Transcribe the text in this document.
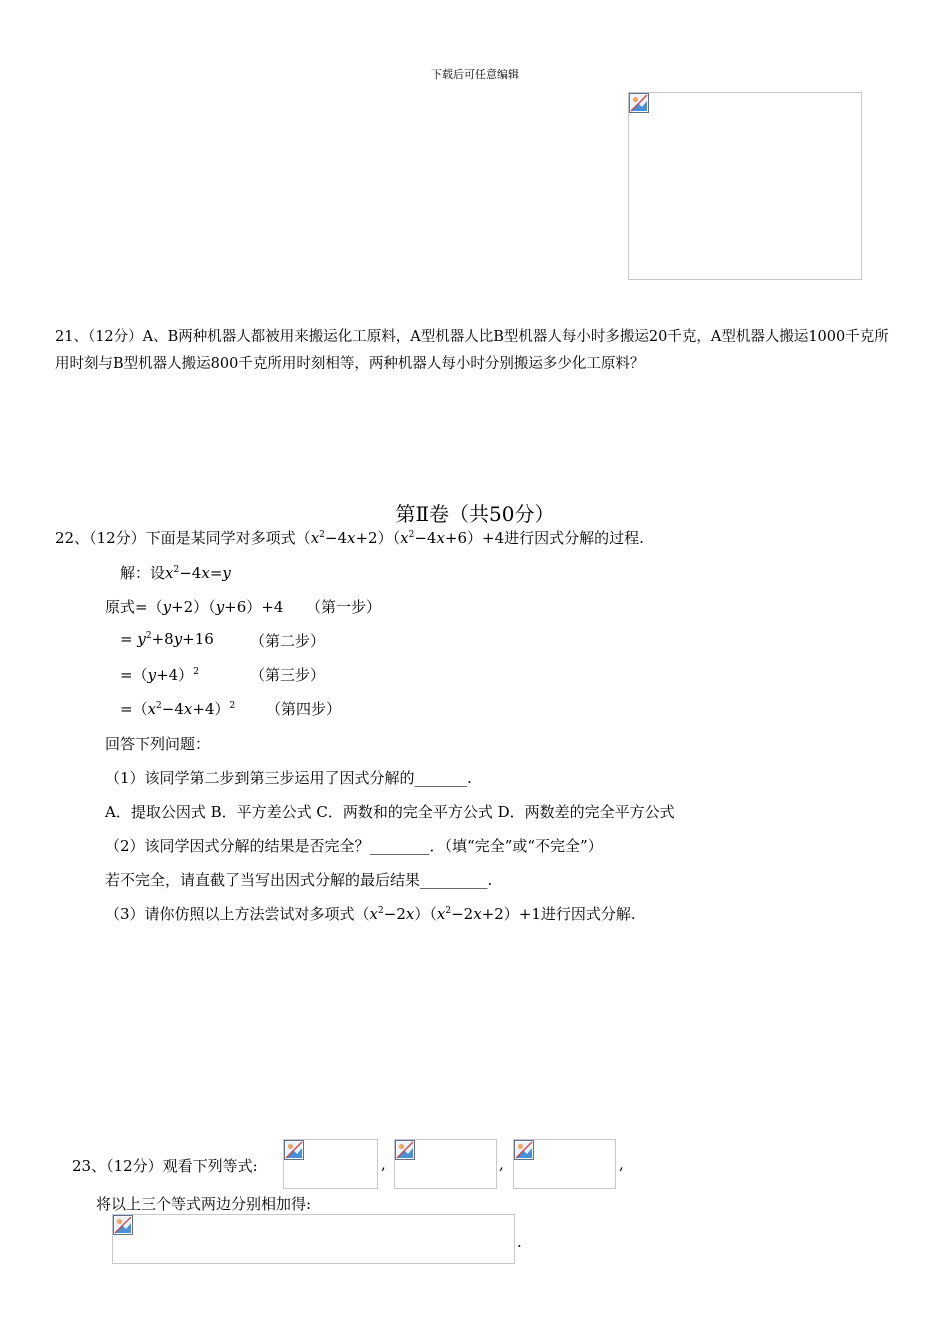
下载后可任意编辑
21、（12分）A、B两种机器人都被用来搬运化工原料，A型机器人比B型机器人每小时多搬运20千克，A型机器人搬运1000千克所用时刻与B型机器人搬运800千克所用时刻相等，两种机器人每小时分别搬运多少化工原料？
第Ⅱ卷（共50分）
22、（12分）下面是某同学对多项式$(x^2-4x+2)(x^2-4x+6)+4$进行因式分解的过程.
解：设$x^2-4x=y$
原式=（y+2）（y+6）+4 （第一步）
= $y^2+8y+16$ （第二步）
$=(y+4)^2$	（第三步）
$=(x^2-4x+4)^2$ （第四步）
回答下列问题：
（1）该同学第二步到第三步运用了因式分解的_______.
A．提取公因式 B．平方差公式 C．两数和的完全平方公式 D．两数差的完全平方公式
（2）该同学因式分解的结果是否完全？________．（填“完全”或“不完全”）
若不完全，请直截了当写出因式分解的最后结果_________.
（3）请你仿照以上方法尝试对多项式$(x^2-2x)(x^2-2x+2)+1$进行因式分解.
23、（12分）观看下列等式:	,	,	,
将以上三个等式两边分别相加得:
.
